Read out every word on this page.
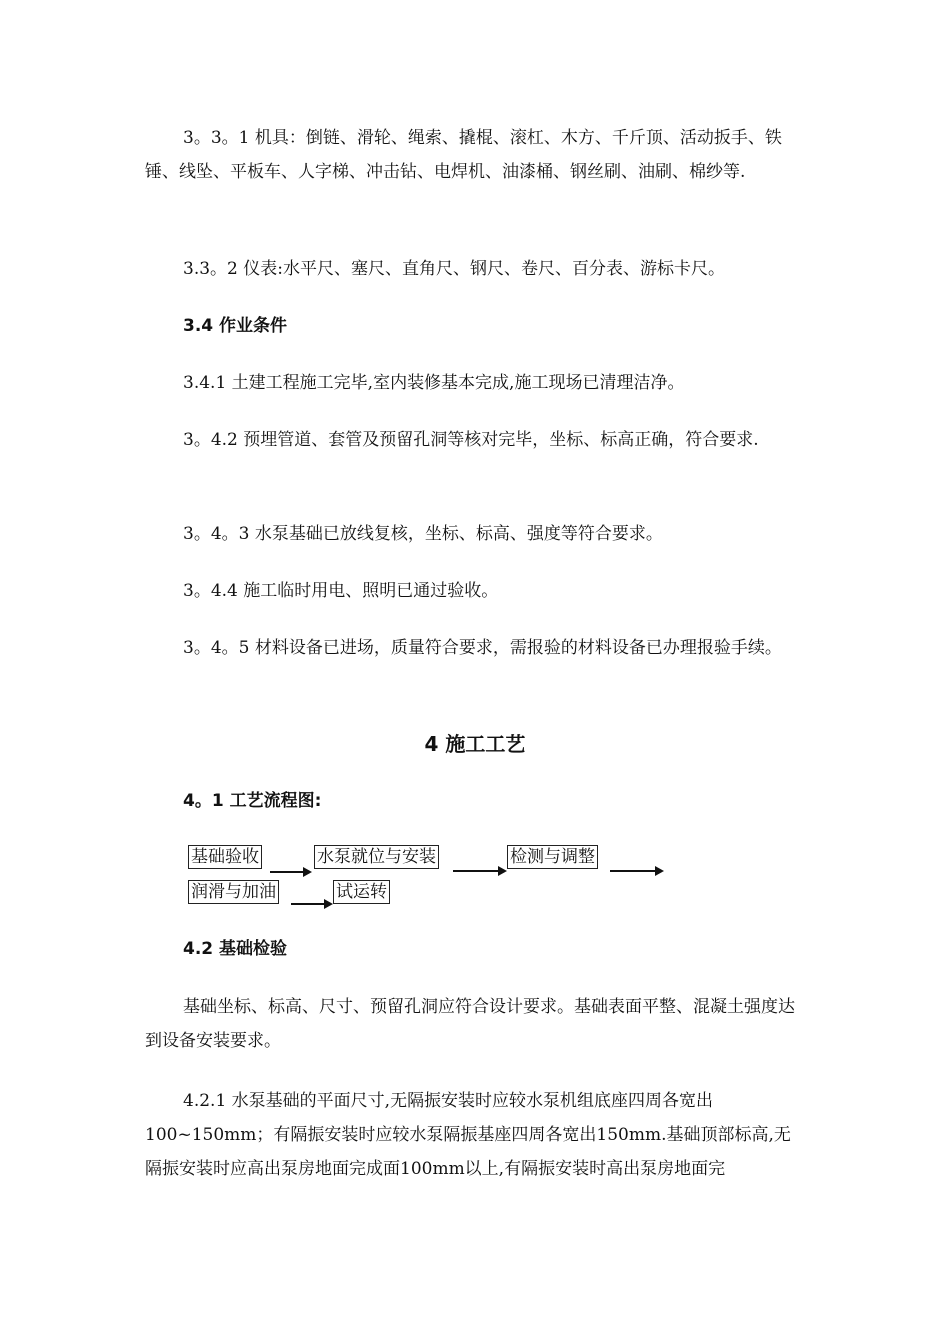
3。3。1 机具：倒链、滑轮、绳索、撬棍、滚杠、木方、千斤顶、活动扳手、铁锤、线坠、平板车、人字梯、冲击钻、电焊机、油漆桶、钢丝刷、油刷、棉纱等.

3.3。2 仪表:水平尺、塞尺、直角尺、钢尺、卷尺、百分表、游标卡尺。

3.4 作业条件

3.4.1 土建工程施工完毕,室内装修基本完成,施工现场已清理洁净。

3。4.2 预埋管道、套管及预留孔洞等核对完毕，坐标、标高正确，符合要求.

3。4。3 水泵基础已放线复核，坐标、标高、强度等符合要求。

3。4.4 施工临时用电、照明已通过验收。

3。4。5 材料设备已进场，质量符合要求，需报验的材料设备已办理报验手续。

4 施工工艺

4。1 工艺流程图:

基础验收	水泵就位与安装	检测与调整
润滑与加油	试运转

4.2 基础检验

基础坐标、标高、尺寸、预留孔洞应符合设计要求。基础表面平整、混凝土强度达到设备安装要求。

4.2.1 水泵基础的平面尺寸,无隔振安装时应较水泵机组底座四周各宽出100~150mm；有隔振安装时应较水泵隔振基座四周各宽出150mm.基础顶部标高,无隔振安装时应高出泵房地面完成面100mm以上,有隔振安装时高出泵房地面完
